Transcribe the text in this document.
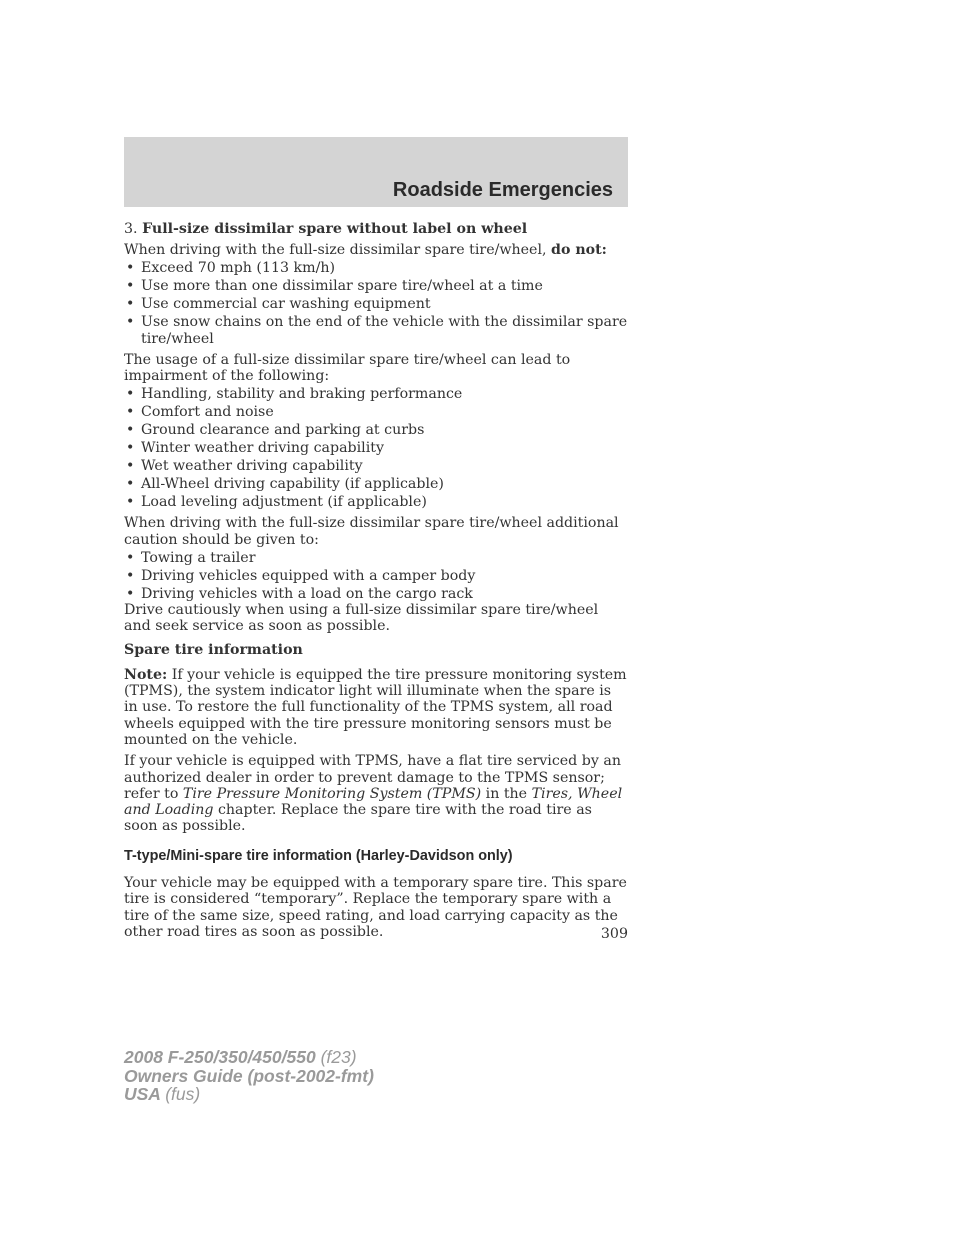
Roadside Emergencies

3. Full-size dissimilar spare without label on wheel

When driving with the full-size dissimilar spare tire/wheel, do not:

• Exceed 70 mph (113 km/h)
• Use more than one dissimilar spare tire/wheel at a time
• Use commercial car washing equipment
• Use snow chains on the end of the vehicle with the dissimilar spare tire/wheel

The usage of a full-size dissimilar spare tire/wheel can lead to impairment of the following:

• Handling, stability and braking performance
• Comfort and noise
• Ground clearance and parking at curbs
• Winter weather driving capability
• Wet weather driving capability
• All-Wheel driving capability (if applicable)
• Load leveling adjustment (if applicable)

When driving with the full-size dissimilar spare tire/wheel additional caution should be given to:

• Towing a trailer
• Driving vehicles equipped with a camper body
• Driving vehicles with a load on the cargo rack

Drive cautiously when using a full-size dissimilar spare tire/wheel and seek service as soon as possible.

Spare tire information

Note: If your vehicle is equipped the tire pressure monitoring system (TPMS), the system indicator light will illuminate when the spare is in use. To restore the full functionality of the TPMS system, all road wheels equipped with the tire pressure monitoring sensors must be mounted on the vehicle.

If your vehicle is equipped with TPMS, have a flat tire serviced by an authorized dealer in order to prevent damage to the TPMS sensor; refer to Tire Pressure Monitoring System (TPMS) in the Tires, Wheel and Loading chapter. Replace the spare tire with the road tire as soon as possible.

T-type/Mini-spare tire information (Harley-Davidson only)

Your vehicle may be equipped with a temporary spare tire. This spare tire is considered “temporary”. Replace the temporary spare with a tire of the same size, speed rating, and load carrying capacity as the other road tires as soon as possible.	309
2008 F-250/350/450/550 (f23)
Owners Guide (post-2002-fmt)
USA (fus)
